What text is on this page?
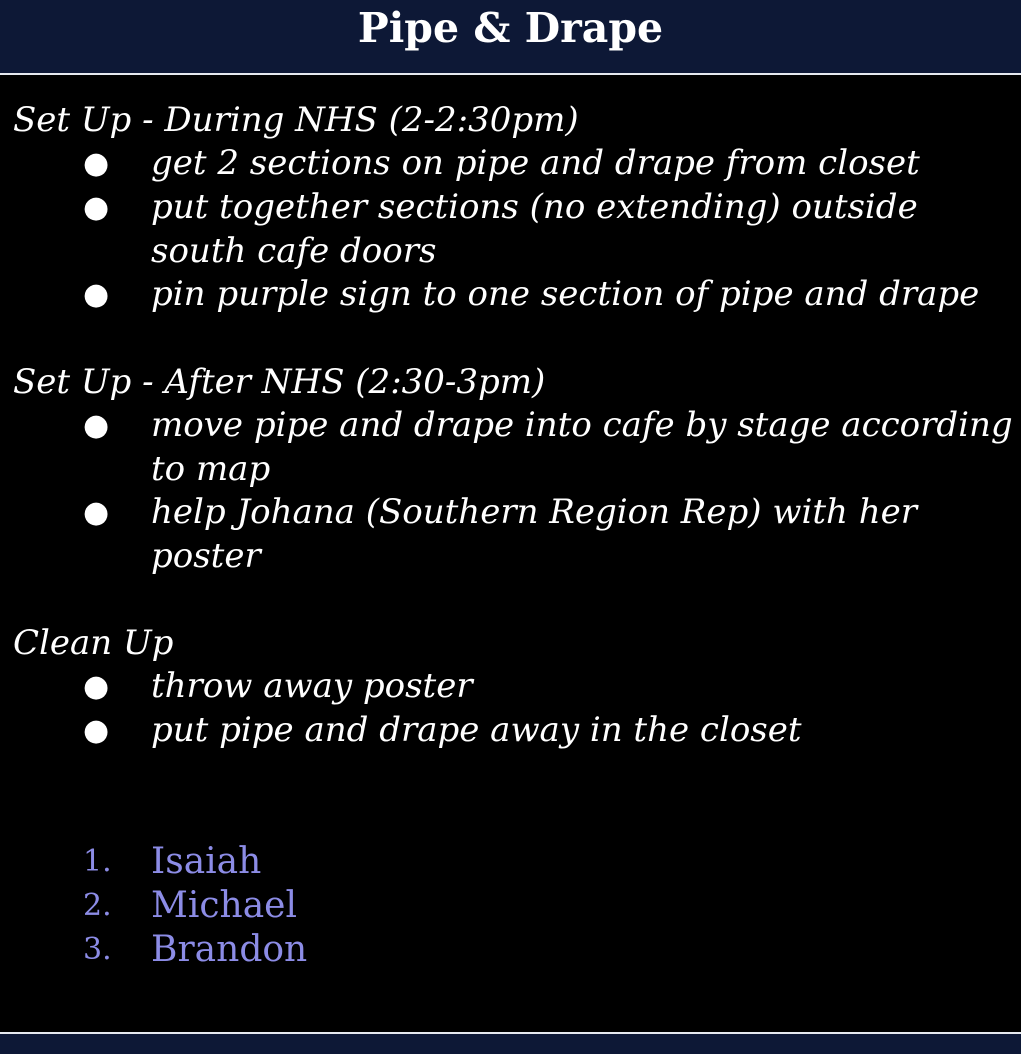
Pipe & Drape
Set Up - During NHS (2-2:30pm)
● get 2 sections on pipe and drape from closet
● put together sections (no extending) outside south cafe doors
● pin purple sign to one section of pipe and drape
Set Up - After NHS (2:30-3pm)
● move pipe and drape into cafe by stage according to map
● help Johana (Southern Region Rep) with her poster
Clean Up
● throw away poster
● put pipe and drape away in the closet
1. Isaiah
2. Michael
3. Brandon
